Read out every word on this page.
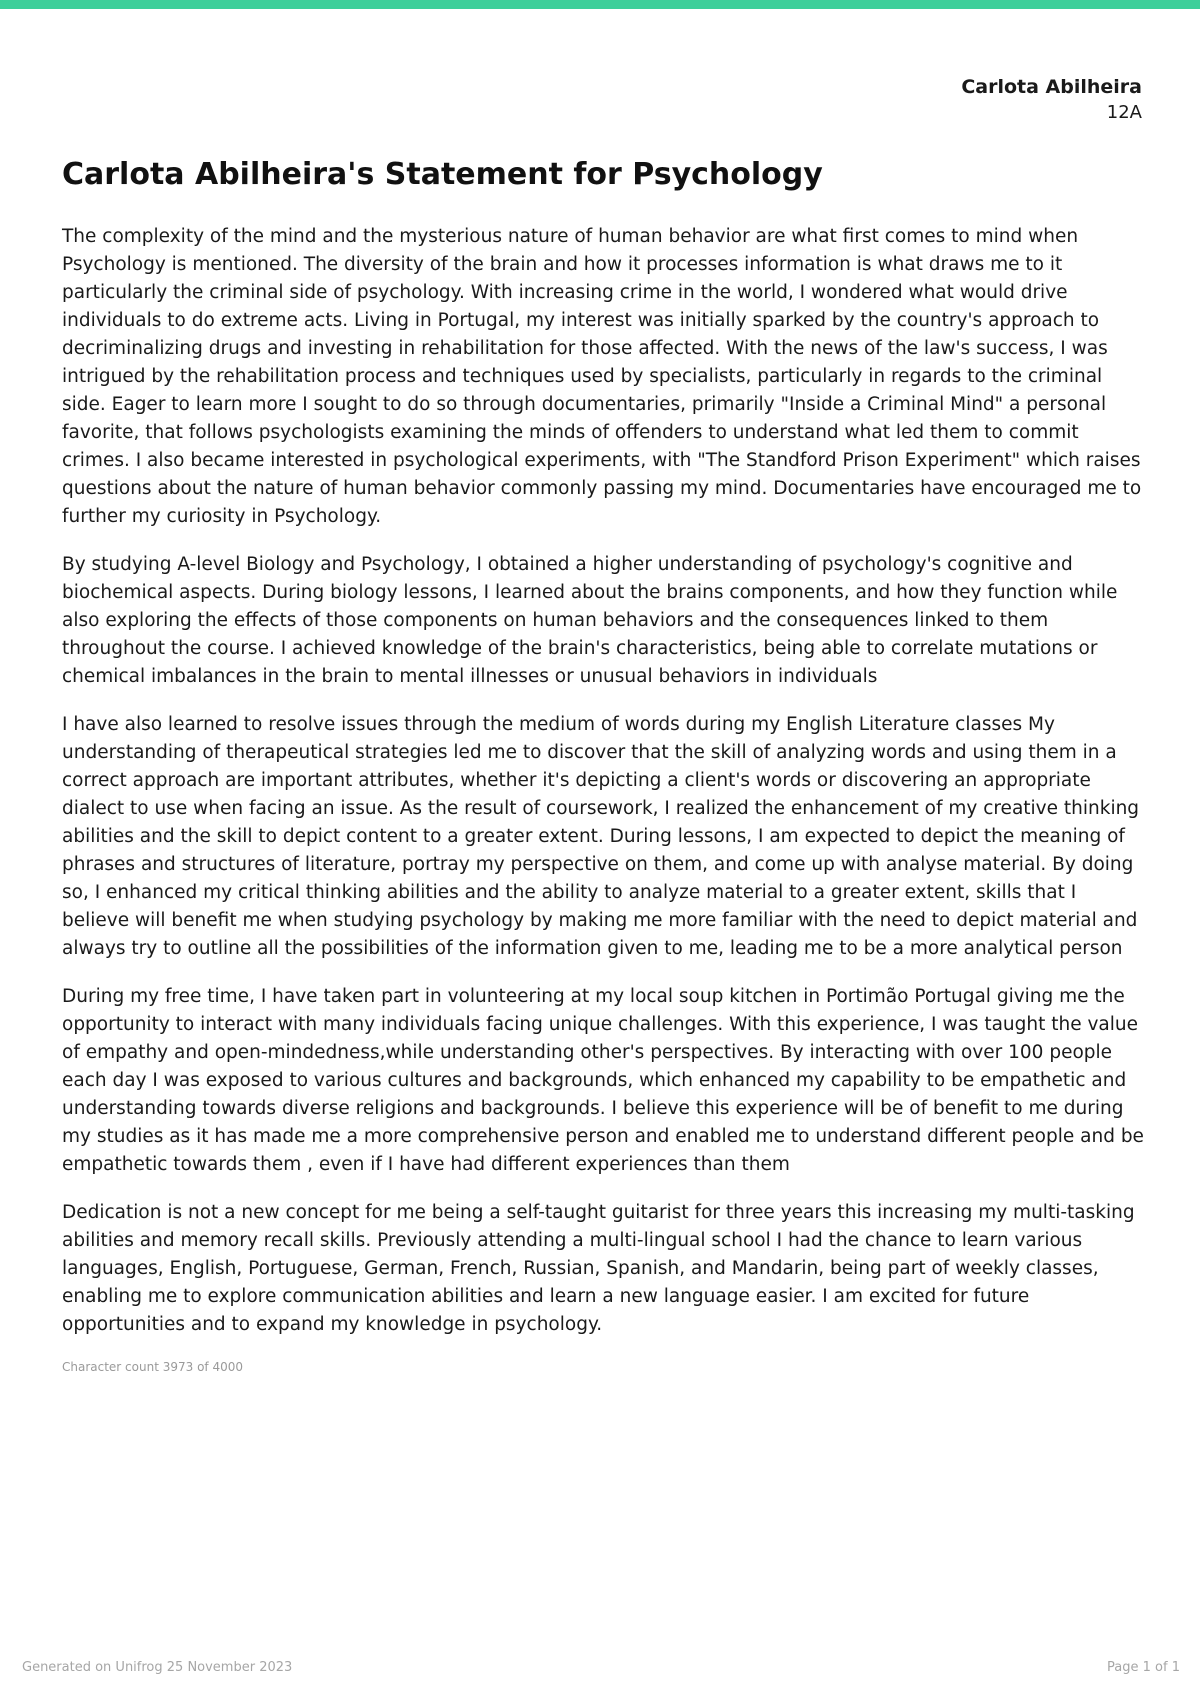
Carlota Abilheira
12A
Carlota Abilheira's Statement for Psychology

The complexity of the mind and the mysterious nature of human behavior are what first comes to mind when Psychology is mentioned. The diversity of the brain and how it processes information is what draws me to it particularly the criminal side of psychology. With increasing crime in the world, I wondered what would drive individuals to do extreme acts. Living in Portugal, my interest was initially sparked by the country's approach to decriminalizing drugs and investing in rehabilitation for those affected. With the news of the law's success, I was intrigued by the rehabilitation process and techniques used by specialists, particularly in regards to the criminal side. Eager to learn more I sought to do so through documentaries, primarily "Inside a Criminal Mind" a personal favorite, that follows psychologists examining the minds of offenders to understand what led them to commit crimes. I also became interested in psychological experiments, with "The Standford Prison Experiment" which raises questions about the nature of human behavior commonly passing my mind. Documentaries have encouraged me to further my curiosity in Psychology.

By studying A-level Biology and Psychology, I obtained a higher understanding of psychology's cognitive and biochemical aspects. During biology lessons, I learned about the brains components, and how they function while also exploring the effects of those components on human behaviors and the consequences linked to them throughout the course. I achieved knowledge of the brain's characteristics, being able to correlate mutations or chemical imbalances in the brain to mental illnesses or unusual behaviors in individuals

I have also learned to resolve issues through the medium of words during my English Literature classes My understanding of therapeutical strategies led me to discover that the skill of analyzing words and using them in a correct approach are important attributes, whether it's depicting a client's words or discovering an appropriate dialect to use when facing an issue. As the result of coursework, I realized the enhancement of my creative thinking abilities and the skill to depict content to a greater extent. During lessons, I am expected to depict the meaning of phrases and structures of literature, portray my perspective on them, and come up with analyse material. By doing so, I enhanced my critical thinking abilities and the ability to analyze material to a greater extent, skills that I believe will benefit me when studying psychology by making me more familiar with the need to depict material and always try to outline all the possibilities of the information given to me, leading me to be a more analytical person

During my free time, I have taken part in volunteering at my local soup kitchen in Portimão Portugal giving me the opportunity to interact with many individuals facing unique challenges. With this experience, I was taught the value of empathy and open-mindedness,while understanding other's perspectives. By interacting with over 100 people each day I was exposed to various cultures and backgrounds, which enhanced my capability to be empathetic and understanding towards diverse religions and backgrounds. I believe this experience will be of benefit to me during my studies as it has made me a more comprehensive person and enabled me to understand different people and be empathetic towards them , even if I have had different experiences than them

Dedication is not a new concept for me being a self-taught guitarist for three years this increasing my multi-tasking abilities and memory recall skills. Previously attending a multi-lingual school I had the chance to learn various languages, English, Portuguese, German, French, Russian, Spanish, and Mandarin, being part of weekly classes, enabling me to explore communication abilities and learn a new language easier. I am excited for future opportunities and to expand my knowledge in psychology.

Character count 3973 of 4000
Generated on Unifrog 25 November 2023	Page 1 of 1
